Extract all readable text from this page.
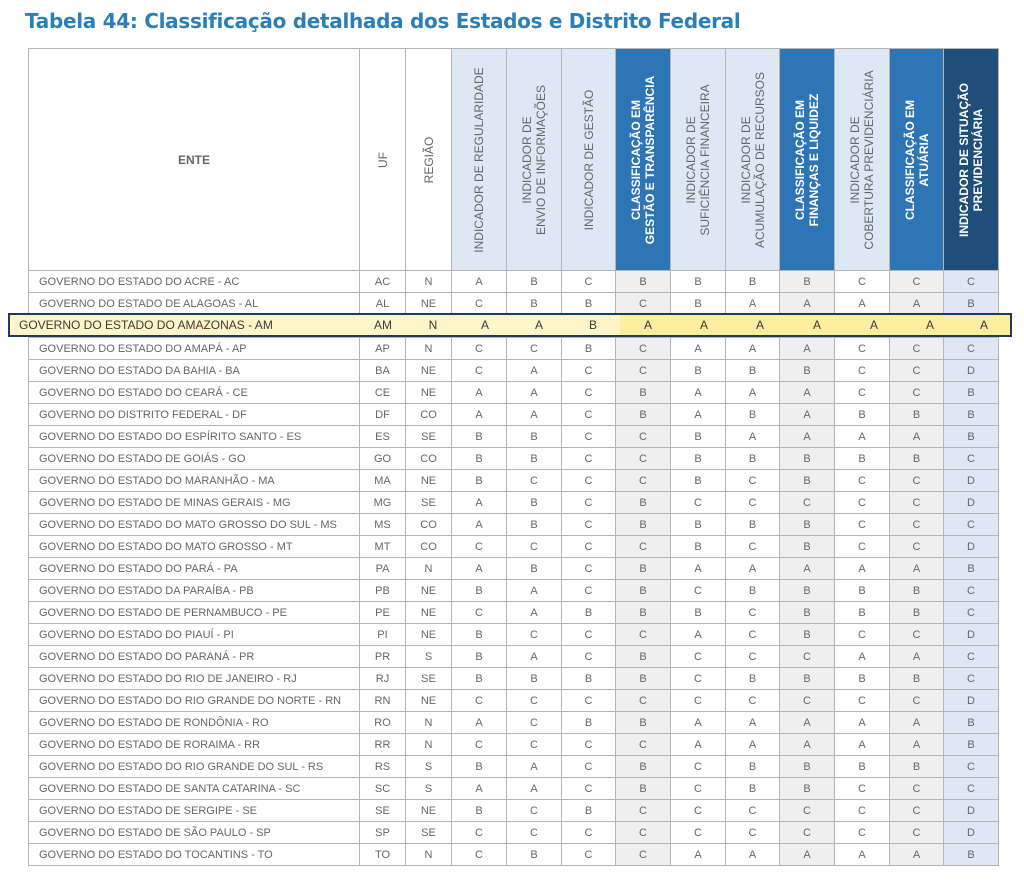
Tabela 44: Classificação detalhada dos Estados e Distrito Federal
ENTE	UF	REGIÃO	INDICADOR DE REGULARIDADE	INDICADOR DE ENVIO DE INFORMAÇÕES	INDICADOR DE GESTÃO	CLASSIFICAÇÃO EM GESTÃO E TRANSPARÊNCIA	INDICADOR DE SUFICIÊNCIA FINANCEIRA	INDICADOR DE ACUMULAÇÃO DE RECURSOS	CLASSIFICAÇÃO EM FINANÇAS E LIQUIDEZ	INDICADOR DE COBERTURA PREVIDENCIÁRIA	CLASSIFICAÇÃO EM ATUÁRIA	INDICADOR DE SITUAÇÃO PREVIDENCIÁRIA

GOVERNO DO ESTADO DO ACRE - AC	AC	N	A	B	C	B	B	B	B	C	C	C
GOVERNO DO ESTADO DE ALAGOAS - AL	AL	NE	C	B	B	C	B	A	A	A	A	B

GOVERNO DO ESTADO DO AMAPÁ - AP	AP	N	C	C	B	C	A	A	A	C	C	C
GOVERNO DO ESTADO DA BAHIA - BA	BA	NE	C	A	C	C	B	B	B	C	C	D
GOVERNO DO ESTADO DO CEARÁ - CE	CE	NE	A	A	C	B	A	A	A	C	C	B
GOVERNO DO DISTRITO FEDERAL - DF	DF	CO	A	A	C	B	A	B	A	B	B	B
GOVERNO DO ESTADO DO ESPÍRITO SANTO - ES	ES	SE	B	B	C	C	B	A	A	A	A	B
GOVERNO DO ESTADO DE GOIÁS - GO	GO	CO	B	B	C	C	B	B	B	B	B	C
GOVERNO DO ESTADO DO MARANHÃO - MA	MA	NE	B	C	C	C	B	C	B	C	C	D
GOVERNO DO ESTADO DE MINAS GERAIS - MG	MG	SE	A	B	C	B	C	C	C	C	C	D
GOVERNO DO ESTADO DO MATO GROSSO DO SUL - MS	MS	CO	A	B	C	B	B	B	B	C	C	C
GOVERNO DO ESTADO DO MATO GROSSO - MT	MT	CO	C	C	C	C	B	C	B	C	C	D
GOVERNO DO ESTADO DO PARÁ - PA	PA	N	A	B	C	B	A	A	A	A	A	B
GOVERNO DO ESTADO DA PARAÍBA - PB	PB	NE	B	A	C	B	C	B	B	B	B	C
GOVERNO DO ESTADO DE PERNAMBUCO - PE	PE	NE	C	A	B	B	B	C	B	B	B	C
GOVERNO DO ESTADO DO PIAUÍ - PI	PI	NE	B	C	C	C	A	C	B	C	C	D
GOVERNO DO ESTADO DO PARANÁ - PR	PR	S	B	A	C	B	C	C	C	A	A	C
GOVERNO DO ESTADO DO RIO DE JANEIRO - RJ	RJ	SE	B	B	B	B	C	B	B	B	B	C
GOVERNO DO ESTADO DO RIO GRANDE DO NORTE - RN	RN	NE	C	C	C	C	C	C	C	C	C	D
GOVERNO DO ESTADO DE RONDÔNIA - RO	RO	N	A	C	B	B	A	A	A	A	A	B
GOVERNO DO ESTADO DE RORAIMA - RR	RR	N	C	C	C	C	A	A	A	A	A	B
GOVERNO DO ESTADO DO RIO GRANDE DO SUL - RS	RS	S	B	A	C	B	C	B	B	B	B	C
GOVERNO DO ESTADO DE SANTA CATARINA - SC	SC	S	A	A	C	B	C	B	B	C	C	C
GOVERNO DO ESTADO DE SERGIPE - SE	SE	NE	B	C	B	C	C	C	C	C	C	D
GOVERNO DO ESTADO DE SÃO PAULO - SP	SP	SE	C	C	C	C	C	C	C	C	C	D
GOVERNO DO ESTADO DO TOCANTINS - TO	TO	N	C	B	C	C	A	A	A	A	A	B
GOVERNO DO ESTADO DO AMAZONAS - AM	AM	N	A	A	B	A	A	A	A	A	A	A
